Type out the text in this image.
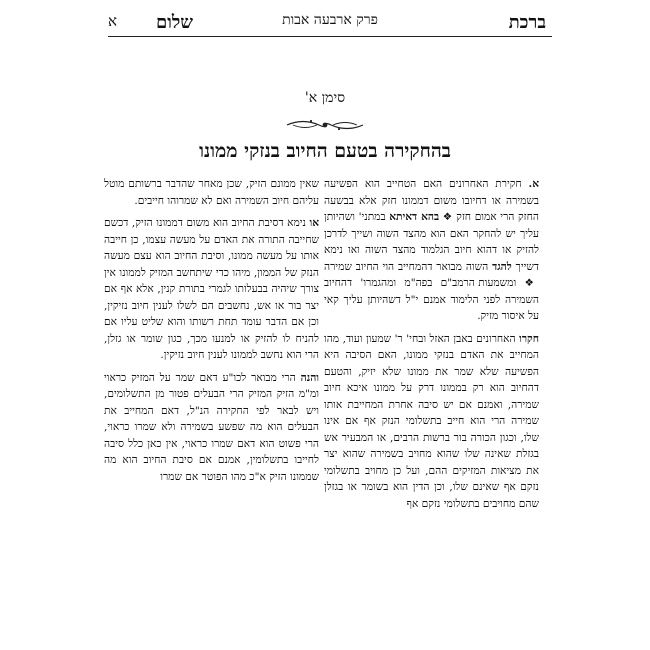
ברכת
פרק ארבעה אבות
שלום
א
סימן א'
בהחקירה בטעם החיוב בנזקי ממונו

א. חקירת האחרונים האם הטחייב הוא הפשיעה בשמירה או דחיובו משום דממונו חזק אלא בבשעה החזק הרי אמום חזק ❖ בהא דאיתא במתני' ושהיותן עליך יש להחקר האם הוא מהצד השוה ושייך לדרכן להזיק או דהוא חיוב הגלמוד מהצד השוה ואו נימא דשייך להגד השוה מבואר דהמחייב הוי החיוב שמירה ❖ ומשמעות הרמב"ם בפה"מ ומהגמרו' דהחיוב השמירה לפני הלימוד אמנם י"ל דשהיותן עליך קאי על איסור מזיק.

חקרו האחרונים באבן האזל ובחי' ר' שמעון ועוד, מהו המחייב את האדם בנזקי ממונו, האם הסיבה היא הפשיעה שלא שמר את ממונו שלא יזיק, והטעם דהחיוב הוא רק בממונו דרק על ממונו איכא חיוב שמירה, ואמנם אם יש סיבה אחרת המחייבת אותו שמירה הרי הוא חייב בתשלומי הנזק אף אם אינו שלו, וכגון הכורה בור ברשות הרבים, או המבעיר אש בגזלת שאינה שלו שהוא מחויב בשמירה שהוא יצר את מציאות המזיקים ההם, ועל כן מחויב בתשלומי נזקם אף שאינם שלו, וכן הדין הוא בשומר או בגזלן שהם מחויבים בתשלומי נזקם אף

שאין ממונם הזיק, שכן מאחר שהדבר ברשותם מוטל עליהם חיוב השמירה ואם לא שמרוהו חייבים.

או נימא דסיבת החיוב הוא משום דממונו הזיק, דכשם שחייבה התורה את האדם על מעשה עצמו, כן חייבה אותו על מעשה ממונו, וסיבת החיוב הוא עצם מעשה הנזק של הממון, מיהו כדי שיתחשב המזיק לממונו אין צורך שיהיה בבעלותו לגמרי בתורת קנין, אלא אף אם יצר בור או אש, נחשבים הם לשלו לענין חיוב נזיקין, וכן אם הדבר עומד תחת רשותו והוא שליט עליו אם להניח לו להזיק או למנעו מכך, כגון שומר או גזלן, הרי הוא נחשב לממונו לענין חיוב נזיקין.

והנה הרי מבואר לכו"ע דאם שמר על המזיק כראוי ומ"מ הזיק המזיק הרי הבעלים פטור מן התשלומים, ויש לבאר לפי החקירה הנ"ל, דאם המחייב את הבעלים הוא מה שפשע בשמירה ולא שמרו כראוי, הרי פשוט הוא דאם שמרו כראוי, אין כאן כלל סיבה לחייבו בתשלומין, אמנם אם סיבת החיוב הוא מה שממונו הזיק א"כ מהו הפוטר אם שמרו
